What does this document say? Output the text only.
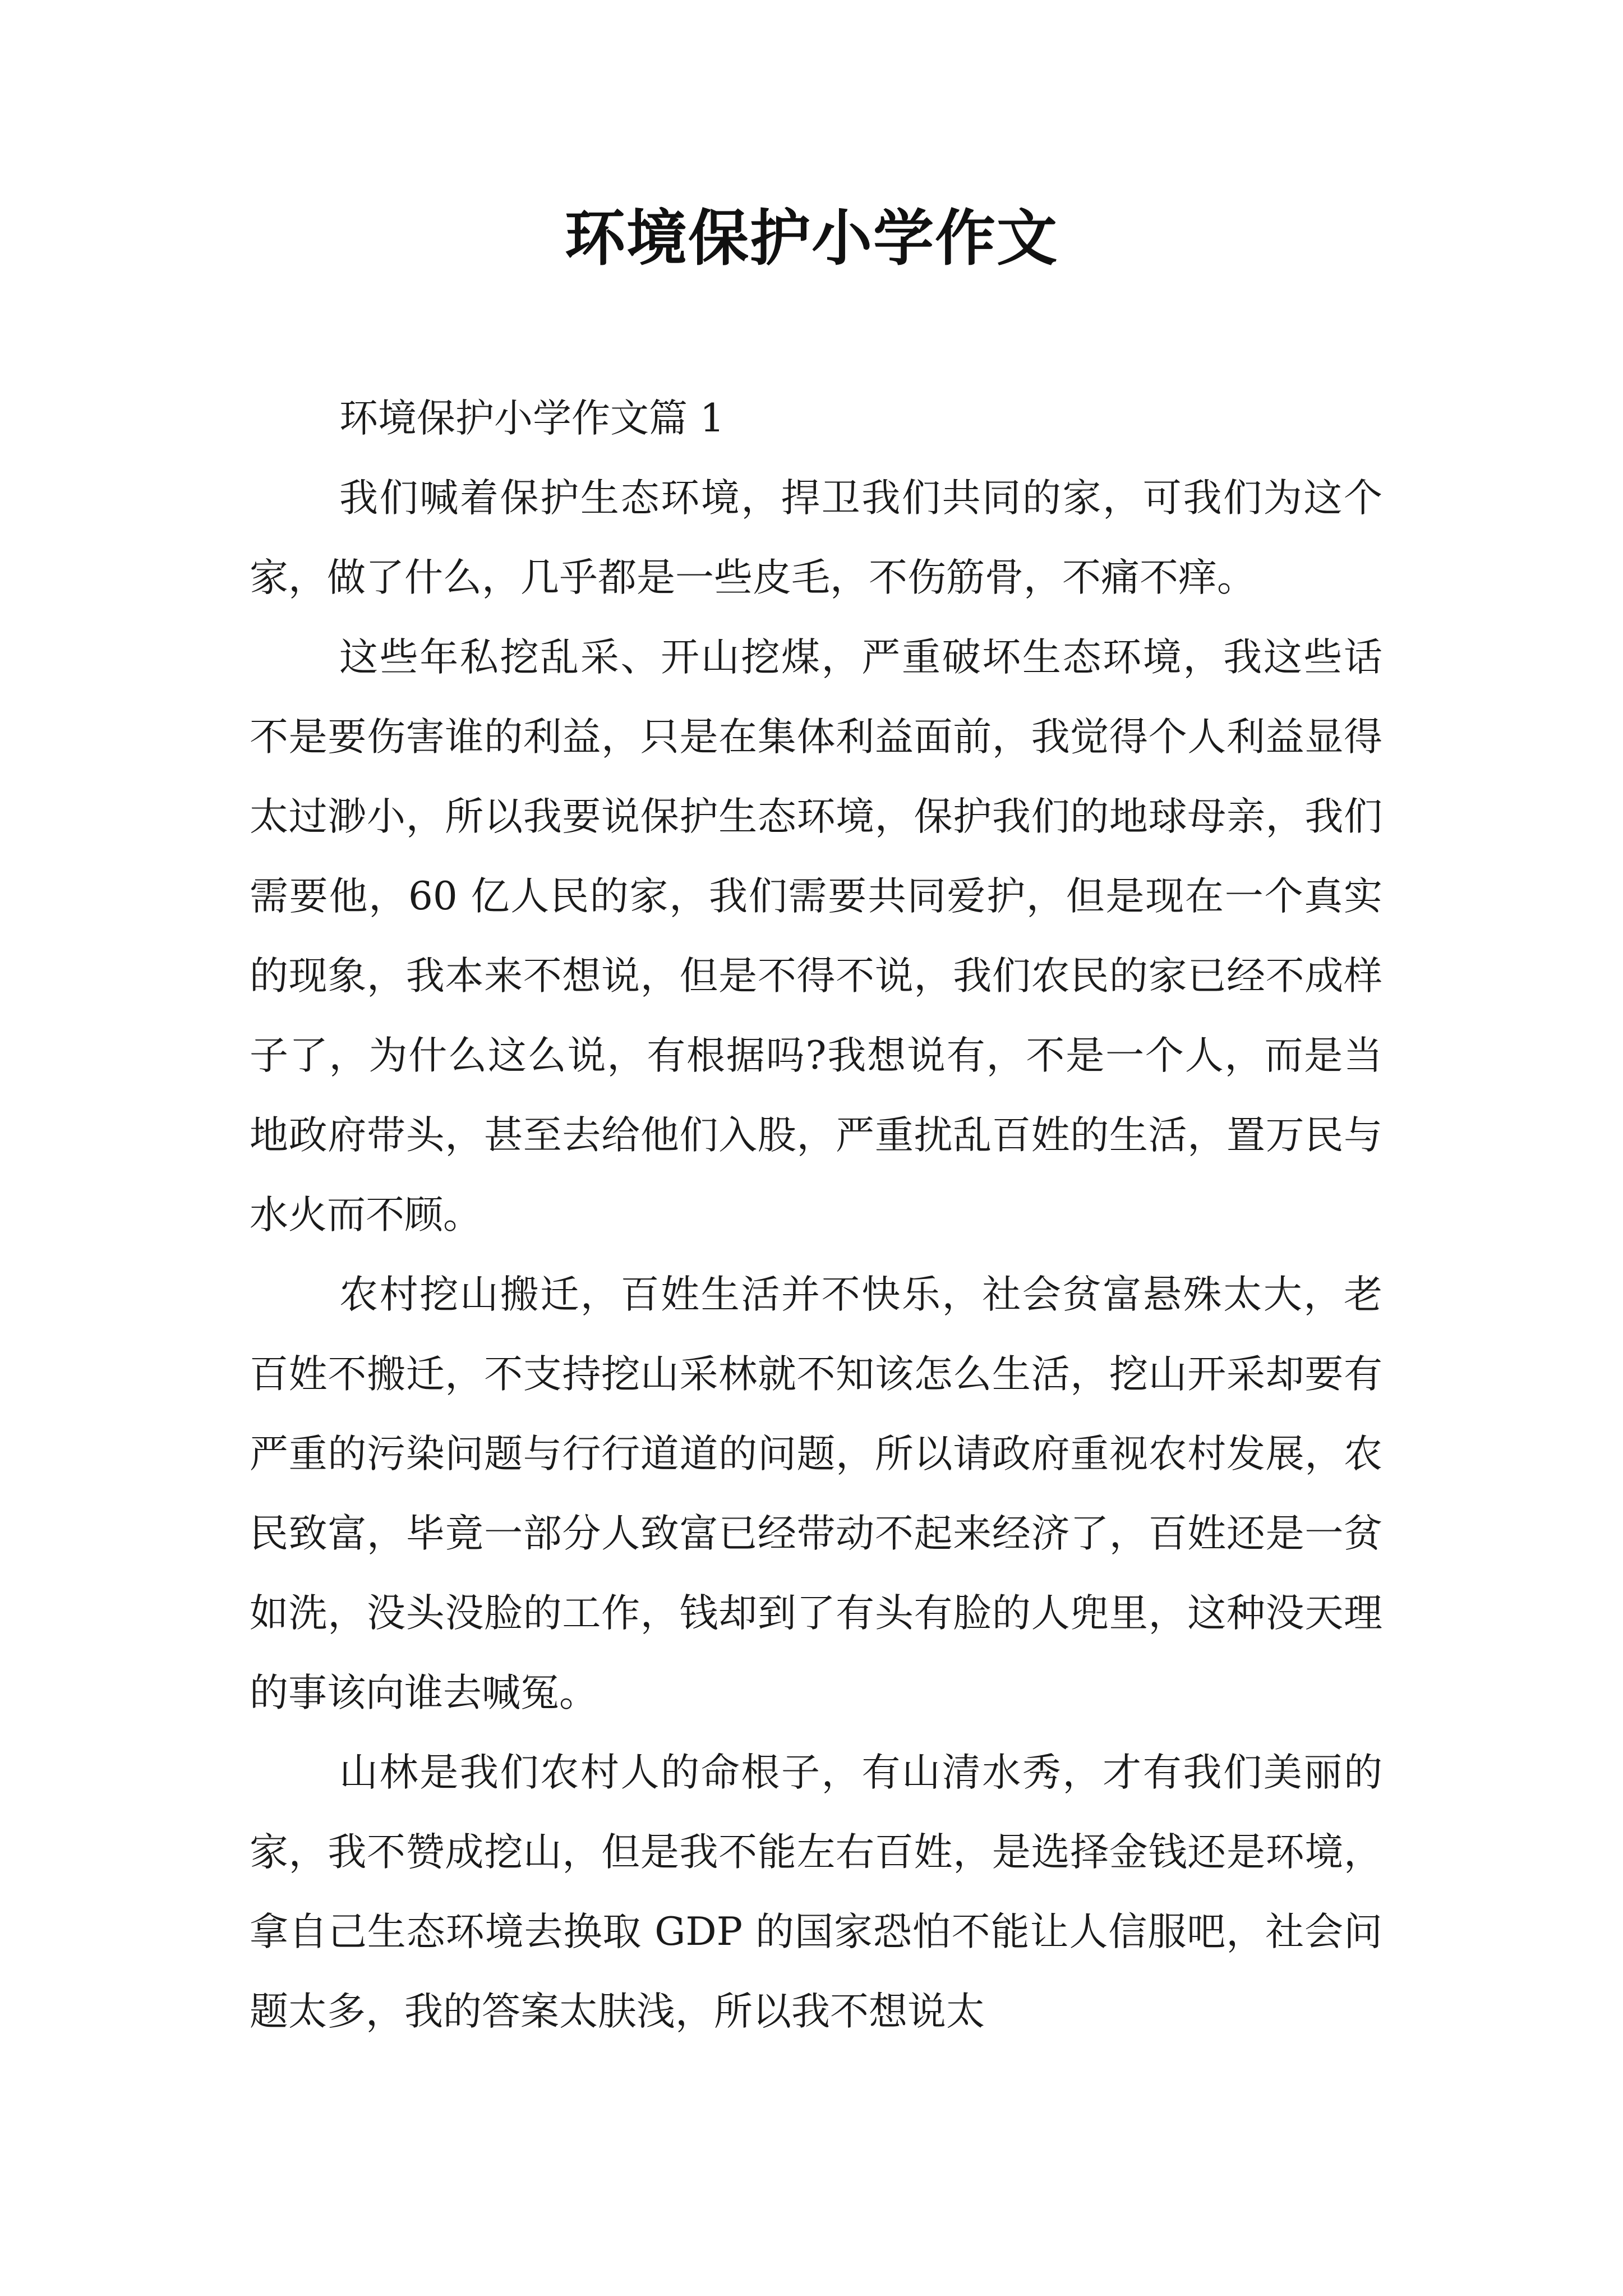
环境保护小学作文

环境保护小学作文篇 1

我们喊着保护生态环境，捍卫我们共同的家，可我们为这个家，做了什么，几乎都是一些皮毛，不伤筋骨，不痛不痒。

这些年私挖乱采、开山挖煤，严重破坏生态环境，我这些话不是要伤害谁的利益，只是在集体利益面前，我觉得个人利益显得太过渺小，所以我要说保护生态环境，保护我们的地球母亲，我们需要他，60 亿人民的家，我们需要共同爱护，但是现在一个真实的现象，我本来不想说，但是不得不说，我们农民的家已经不成样子了，为什么这么说，有根据吗?我想说有，不是一个人，而是当地政府带头，甚至去给他们入股，严重扰乱百姓的生活，置万民与水火而不顾。

农村挖山搬迁，百姓生活并不快乐，社会贫富悬殊太大，老百姓不搬迁，不支持挖山采林就不知该怎么生活，挖山开采却要有严重的污染问题与行行道道的问题，所以请政府重视农村发展，农民致富，毕竟一部分人致富已经带动不起来经济了，百姓还是一贫如洗，没头没脸的工作，钱却到了有头有脸的人兜里，这种没天理的事该向谁去喊冤。

山林是我们农村人的命根子，有山清水秀，才有我们美丽的家，我不赞成挖山，但是我不能左右百姓，是选择金钱还是环境，拿自己生态环境去换取 GDP 的国家恐怕不能让人信服吧，社会问题太多，我的答案太肤浅，所以我不想说太
